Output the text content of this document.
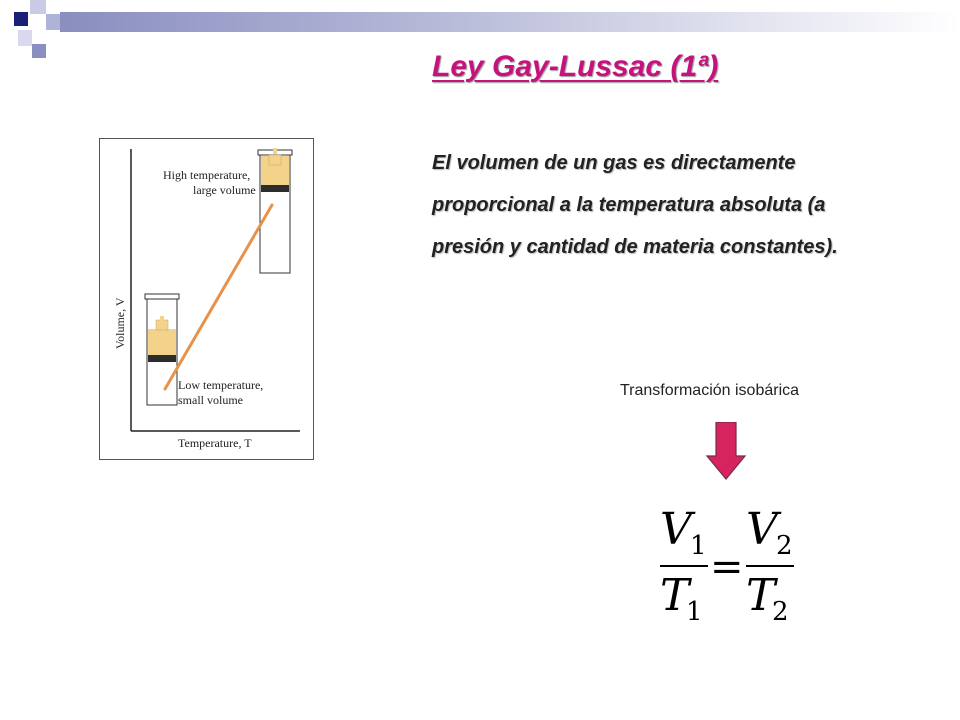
Ley Gay-Lussac (1ª)
El volumen de un gas es directamente
proporcional a la temperatura absoluta (a
presión y cantidad de materia constantes).
Volume, V
Temperature, T
High temperature,
large volume
Low temperature,
small volume
Transformación isobárica
V
1
T
1
=
V
2
T
2
